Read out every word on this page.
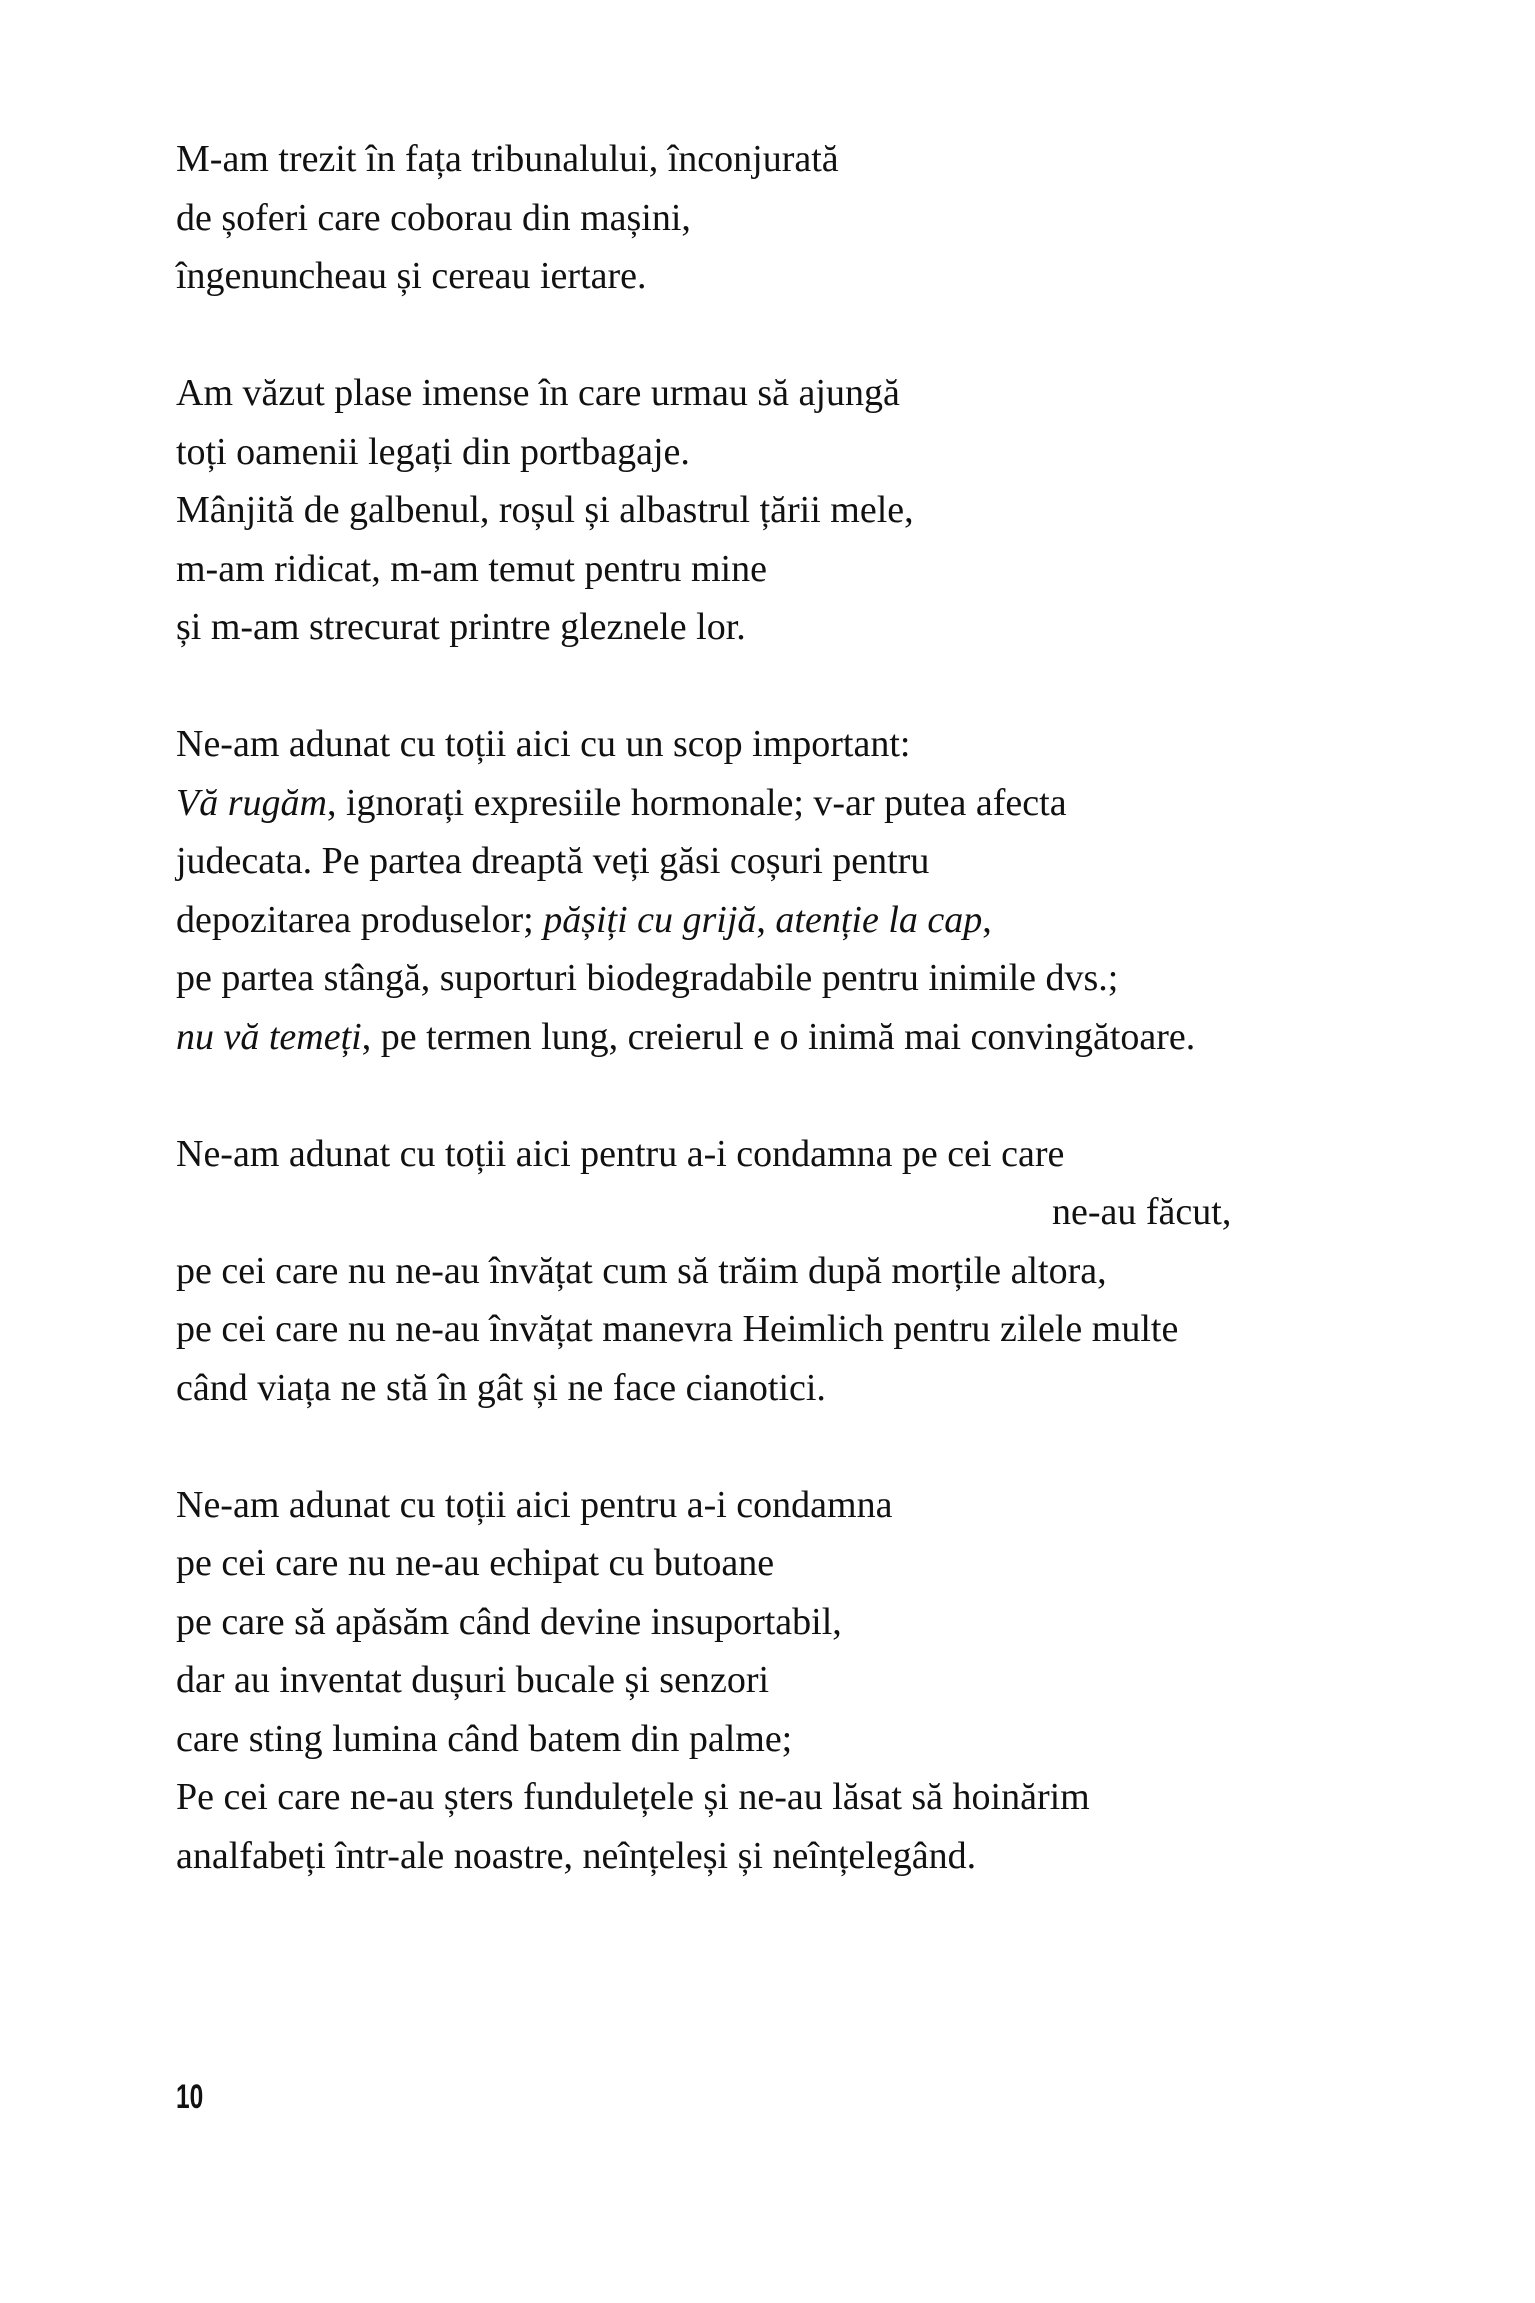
M-am trezit în fața tribunalului, înconjurată
de șoferi care coborau din mașini,
îngenuncheau și cereau iertare.
Am văzut plase imense în care urmau să ajungă
toți oamenii legați din portbagaje.
Mânjită de galbenul, roșul și albastrul țării mele,
m-am ridicat, m-am temut pentru mine
și m-am strecurat printre gleznele lor.
Ne-am adunat cu toții aici cu un scop important:
Vă rugăm, ignorați expresiile hormonale; v-ar putea afecta
judecata. Pe partea dreaptă veți găsi coșuri pentru
depozitarea produselor; pășiți cu grijă, atenție la cap,
pe partea stângă, suporturi biodegradabile pentru inimile dvs.;
nu vă temeți, pe termen lung, creierul e o inimă mai convingătoare.
Ne-am adunat cu toții aici pentru a-i condamna pe cei care
ne-au făcut,
pe cei care nu ne-au învățat cum să trăim după morțile altora,
pe cei care nu ne-au învățat manevra Heimlich pentru zilele multe
când viața ne stă în gât și ne face cianotici.
Ne-am adunat cu toții aici pentru a-i condamna
pe cei care nu ne-au echipat cu butoane
pe care să apăsăm când devine insuportabil,
dar au inventat dușuri bucale și senzori
care sting lumina când batem din palme;
Pe cei care ne-au șters fundulețele și ne-au lăsat să hoinărim
analfabeți într-ale noastre, neînțeleși și neînțelegând.
10
